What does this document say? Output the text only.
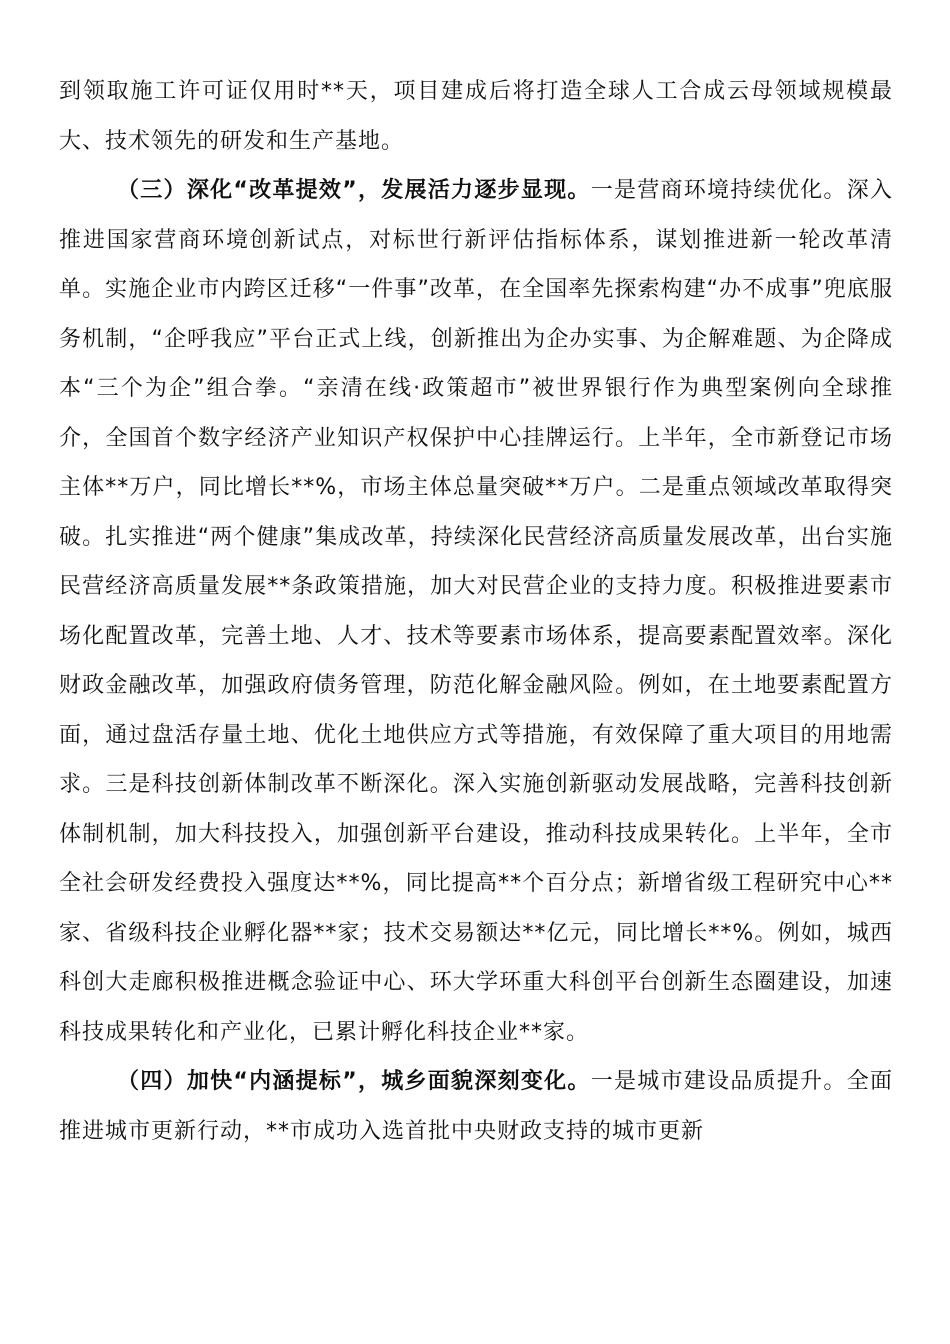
到领取施工许可证仅用时**天，项目建成后将打造全球人工合成云母领域规模最大、技术领先的研发和生产基地。

（三）深化“改革提效”，发展活力逐步显现。一是营商环境持续优化。深入推进国家营商环境创新试点，对标世行新评估指标体系，谋划推进新一轮改革清单。实施企业市内跨区迁移“一件事”改革，在全国率先探索构建“办不成事”兜底服务机制，“企呼我应”平台正式上线，创新推出为企办实事、为企解难题、为企降成本“三个为企”组合拳。“亲清在线·政策超市”被世界银行作为典型案例向全球推介，全国首个数字经济产业知识产权保护中心挂牌运行。上半年，全市新登记市场主体**万户，同比增长**%，市场主体总量突破**万户。二是重点领域改革取得突破。扎实推进“两个健康”集成改革，持续深化民营经济高质量发展改革，出台实施民营经济高质量发展**条政策措施，加大对民营企业的支持力度。积极推进要素市场化配置改革，完善土地、人才、技术等要素市场体系，提高要素配置效率。深化财政金融改革，加强政府债务管理，防范化解金融风险。例如，在土地要素配置方面，通过盘活存量土地、优化土地供应方式等措施，有效保障了重大项目的用地需求。三是科技创新体制改革不断深化。深入实施创新驱动发展战略，完善科技创新体制机制，加大科技投入，加强创新平台建设，推动科技成果转化。上半年，全市全社会研发经费投入强度达**%，同比提高**个百分点；新增省级工程研究中心**家、省级科技企业孵化器**家；技术交易额达**亿元，同比增长**%。例如，城西科创大走廊积极推进概念验证中心、环大学环重大科创平台创新生态圈建设，加速科技成果转化和产业化，已累计孵化科技企业**家。

（四）加快“内涵提标”，城乡面貌深刻变化。一是城市建设品质提升。全面推进城市更新行动，**市成功入选首批中央财政支持的城市更新
